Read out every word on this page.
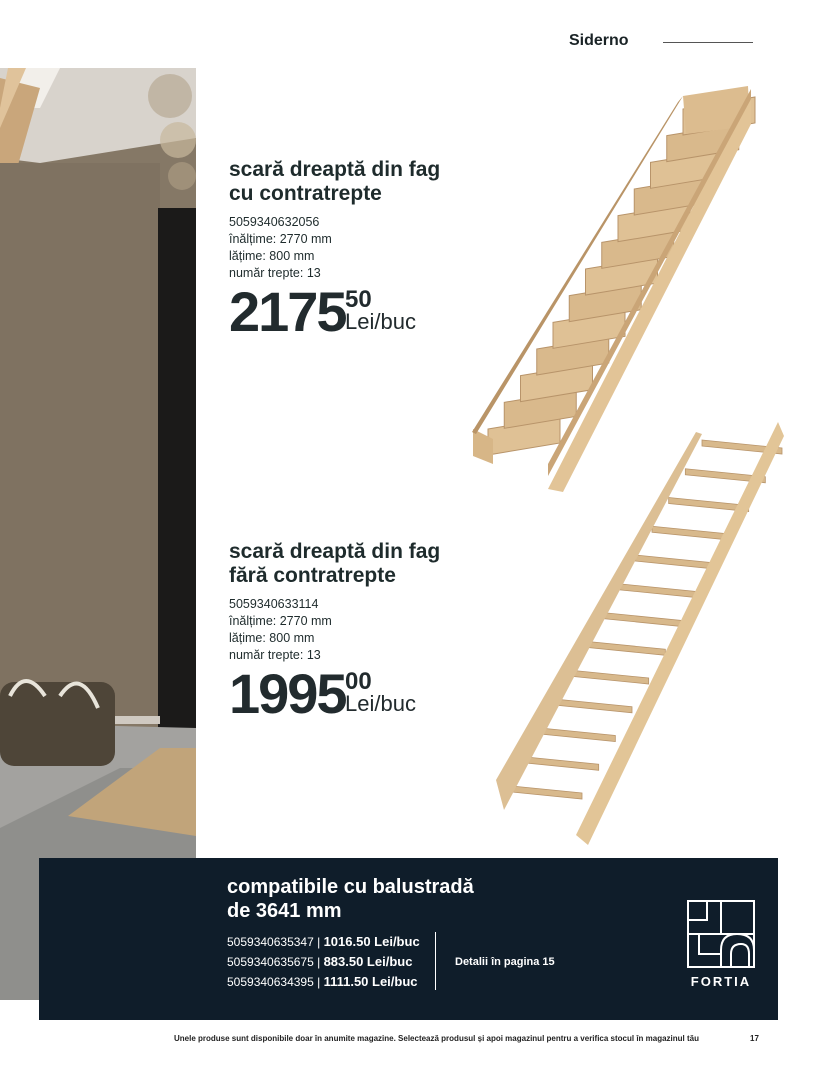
Siderno
scară dreaptă din fag
cu contratrepte
5059340632056
înălțime: 2770 mm
lățime: 800 mm
număr trepte: 13
2175 50
Lei/buc
scară dreaptă din fag
fără contratrepte
5059340633114
înălțime: 2770 mm
lățime: 800 mm
număr trepte: 13
1995 00
Lei/buc
compatibile cu balustradă
de 3641 mm
5059340635347 | 1016.50 Lei/buc
5059340635675 | 883.50 Lei/buc
5059340634395 | 1111.50 Lei/buc
Detalii în pagina 15
FORTIA
Unele produse sunt disponibile doar în anumite magazine. Selectează produsul și apoi magazinul pentru a verifica stocul în magazinul tău	17
